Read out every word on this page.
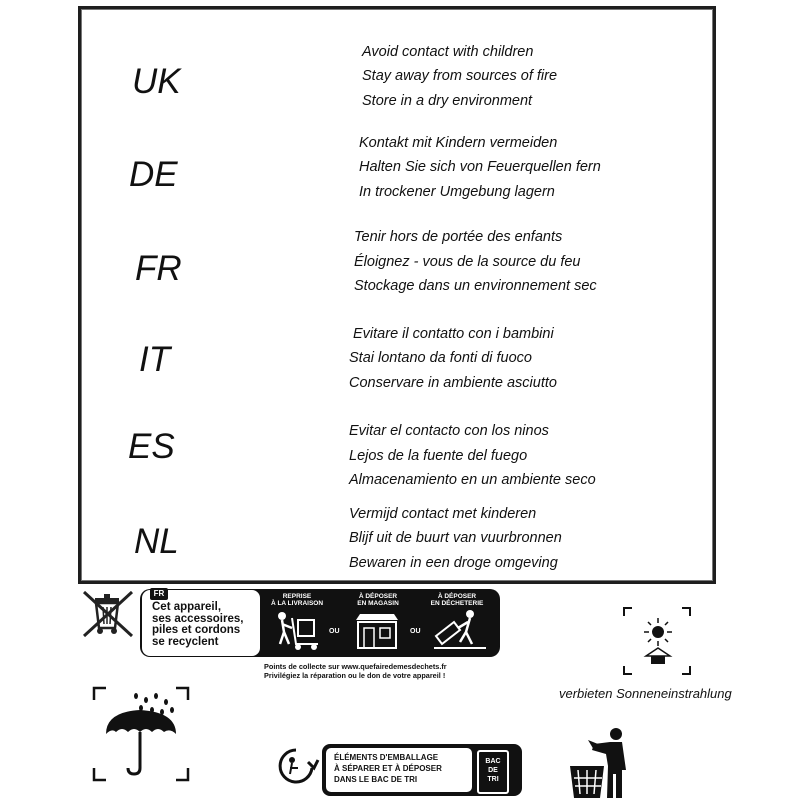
UK
DE
FR
IT
ES
NL
Avoid contact with children
Stay away from sources of fire
Store in a dry environment
Kontakt mit Kindern vermeiden
Halten Sie sich von Feuerquellen fern
In trockener Umgebung lagern
Tenir hors de portée des enfants
Éloignez - vous de la source du feu
Stockage dans un environnement sec
Evitare il contatto con i bambini
Stai lontano da fonti di fuoco
Conservare in ambiente asciutto
Evitar el contacto con los ninos
Lejos de la fuente del fuego
Almacenamiento en un ambiente seco
Vermijd contact met kinderen
Blijf uit de buurt van vuurbronnen
Bewaren in een droge omgeving
FR
Cet appareil,
ses accessoires,
piles et cordons
se recyclent
REPRISE
À LA LIVRAISON
À DÉPOSER
EN MAGASIN
À DÉPOSER
EN DÉCHETERIE
OU	OU
Points de collecte sur www.quefairedemesdechets.fr
Privilégiez la réparation ou le don de votre appareil !
verbieten Sonneneinstrahlung
ÉLÉMENTS D'EMBALLAGE
À SÉPARER ET À DÉPOSER
DANS LE BAC DE TRI
BAC
DE
TRI
